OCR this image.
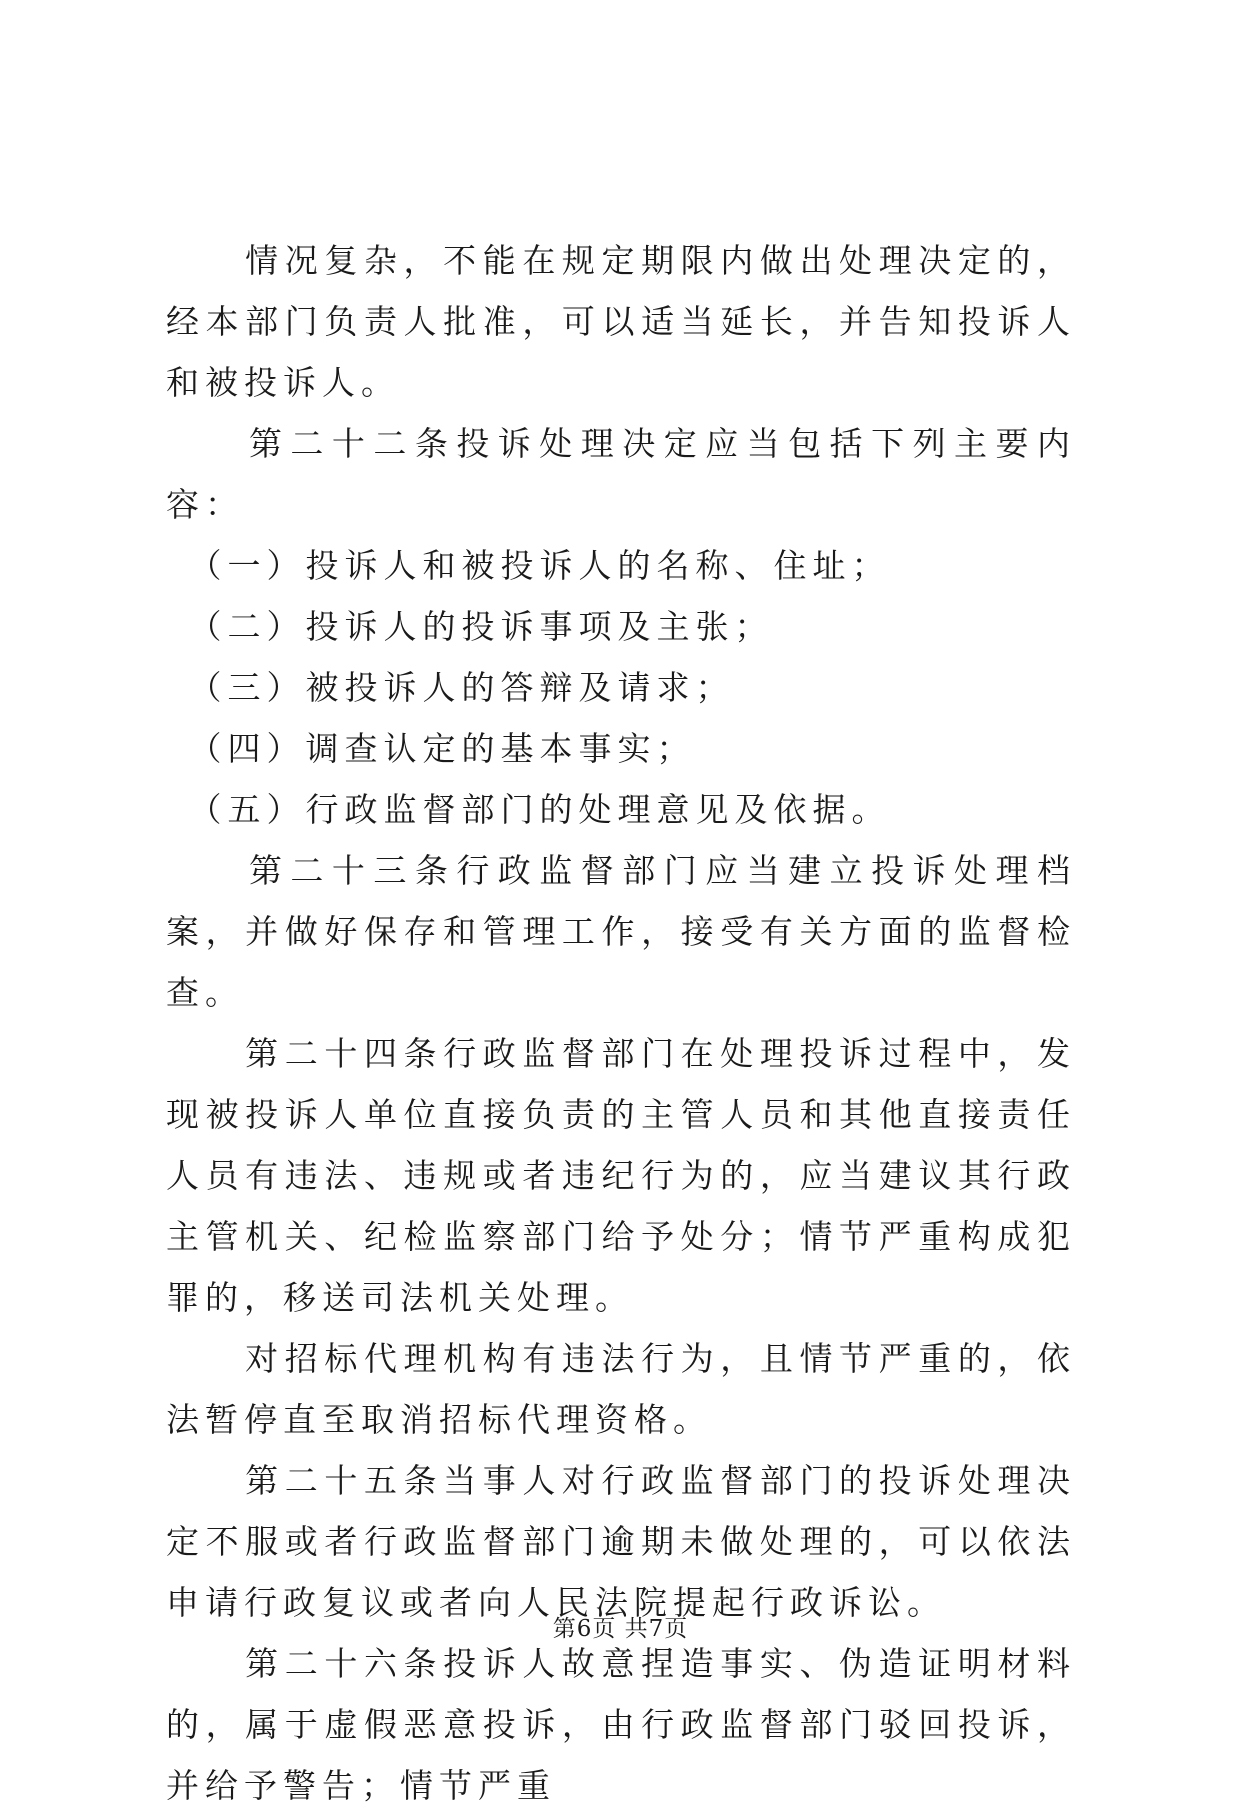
　　情况复杂，不能在规定期限内做出处理决定的，经本部门负责人批准，可以适当延长，并告知投诉人和被投诉人。

　　第二十二条投诉处理决定应当包括下列主要内容：

　（一）投诉人和被投诉人的名称、住址；

　（二）投诉人的投诉事项及主张；

　（三）被投诉人的答辩及请求；

　（四）调查认定的基本事实；

　（五）行政监督部门的处理意见及依据。

　　第二十三条行政监督部门应当建立投诉处理档案，并做好保存和管理工作，接受有关方面的监督检查。

　　第二十四条行政监督部门在处理投诉过程中，发现被投诉人单位直接负责的主管人员和其他直接责任人员有违法、违规或者违纪行为的，应当建议其行政主管机关、纪检监察部门给予处分；情节严重构成犯罪的，移送司法机关处理。

　　对招标代理机构有违法行为，且情节严重的，依法暂停直至取消招标代理资格。

　　第二十五条当事人对行政监督部门的投诉处理决定不服或者行政监督部门逾期未做处理的，可以依法申请行政复议或者向人民法院提起行政诉讼。

　　第二十六条投诉人故意捏造事实、伪造证明材料的，属于虚假恶意投诉，由行政监督部门驳回投诉，并给予警告；情节严重

第6页 共7页
